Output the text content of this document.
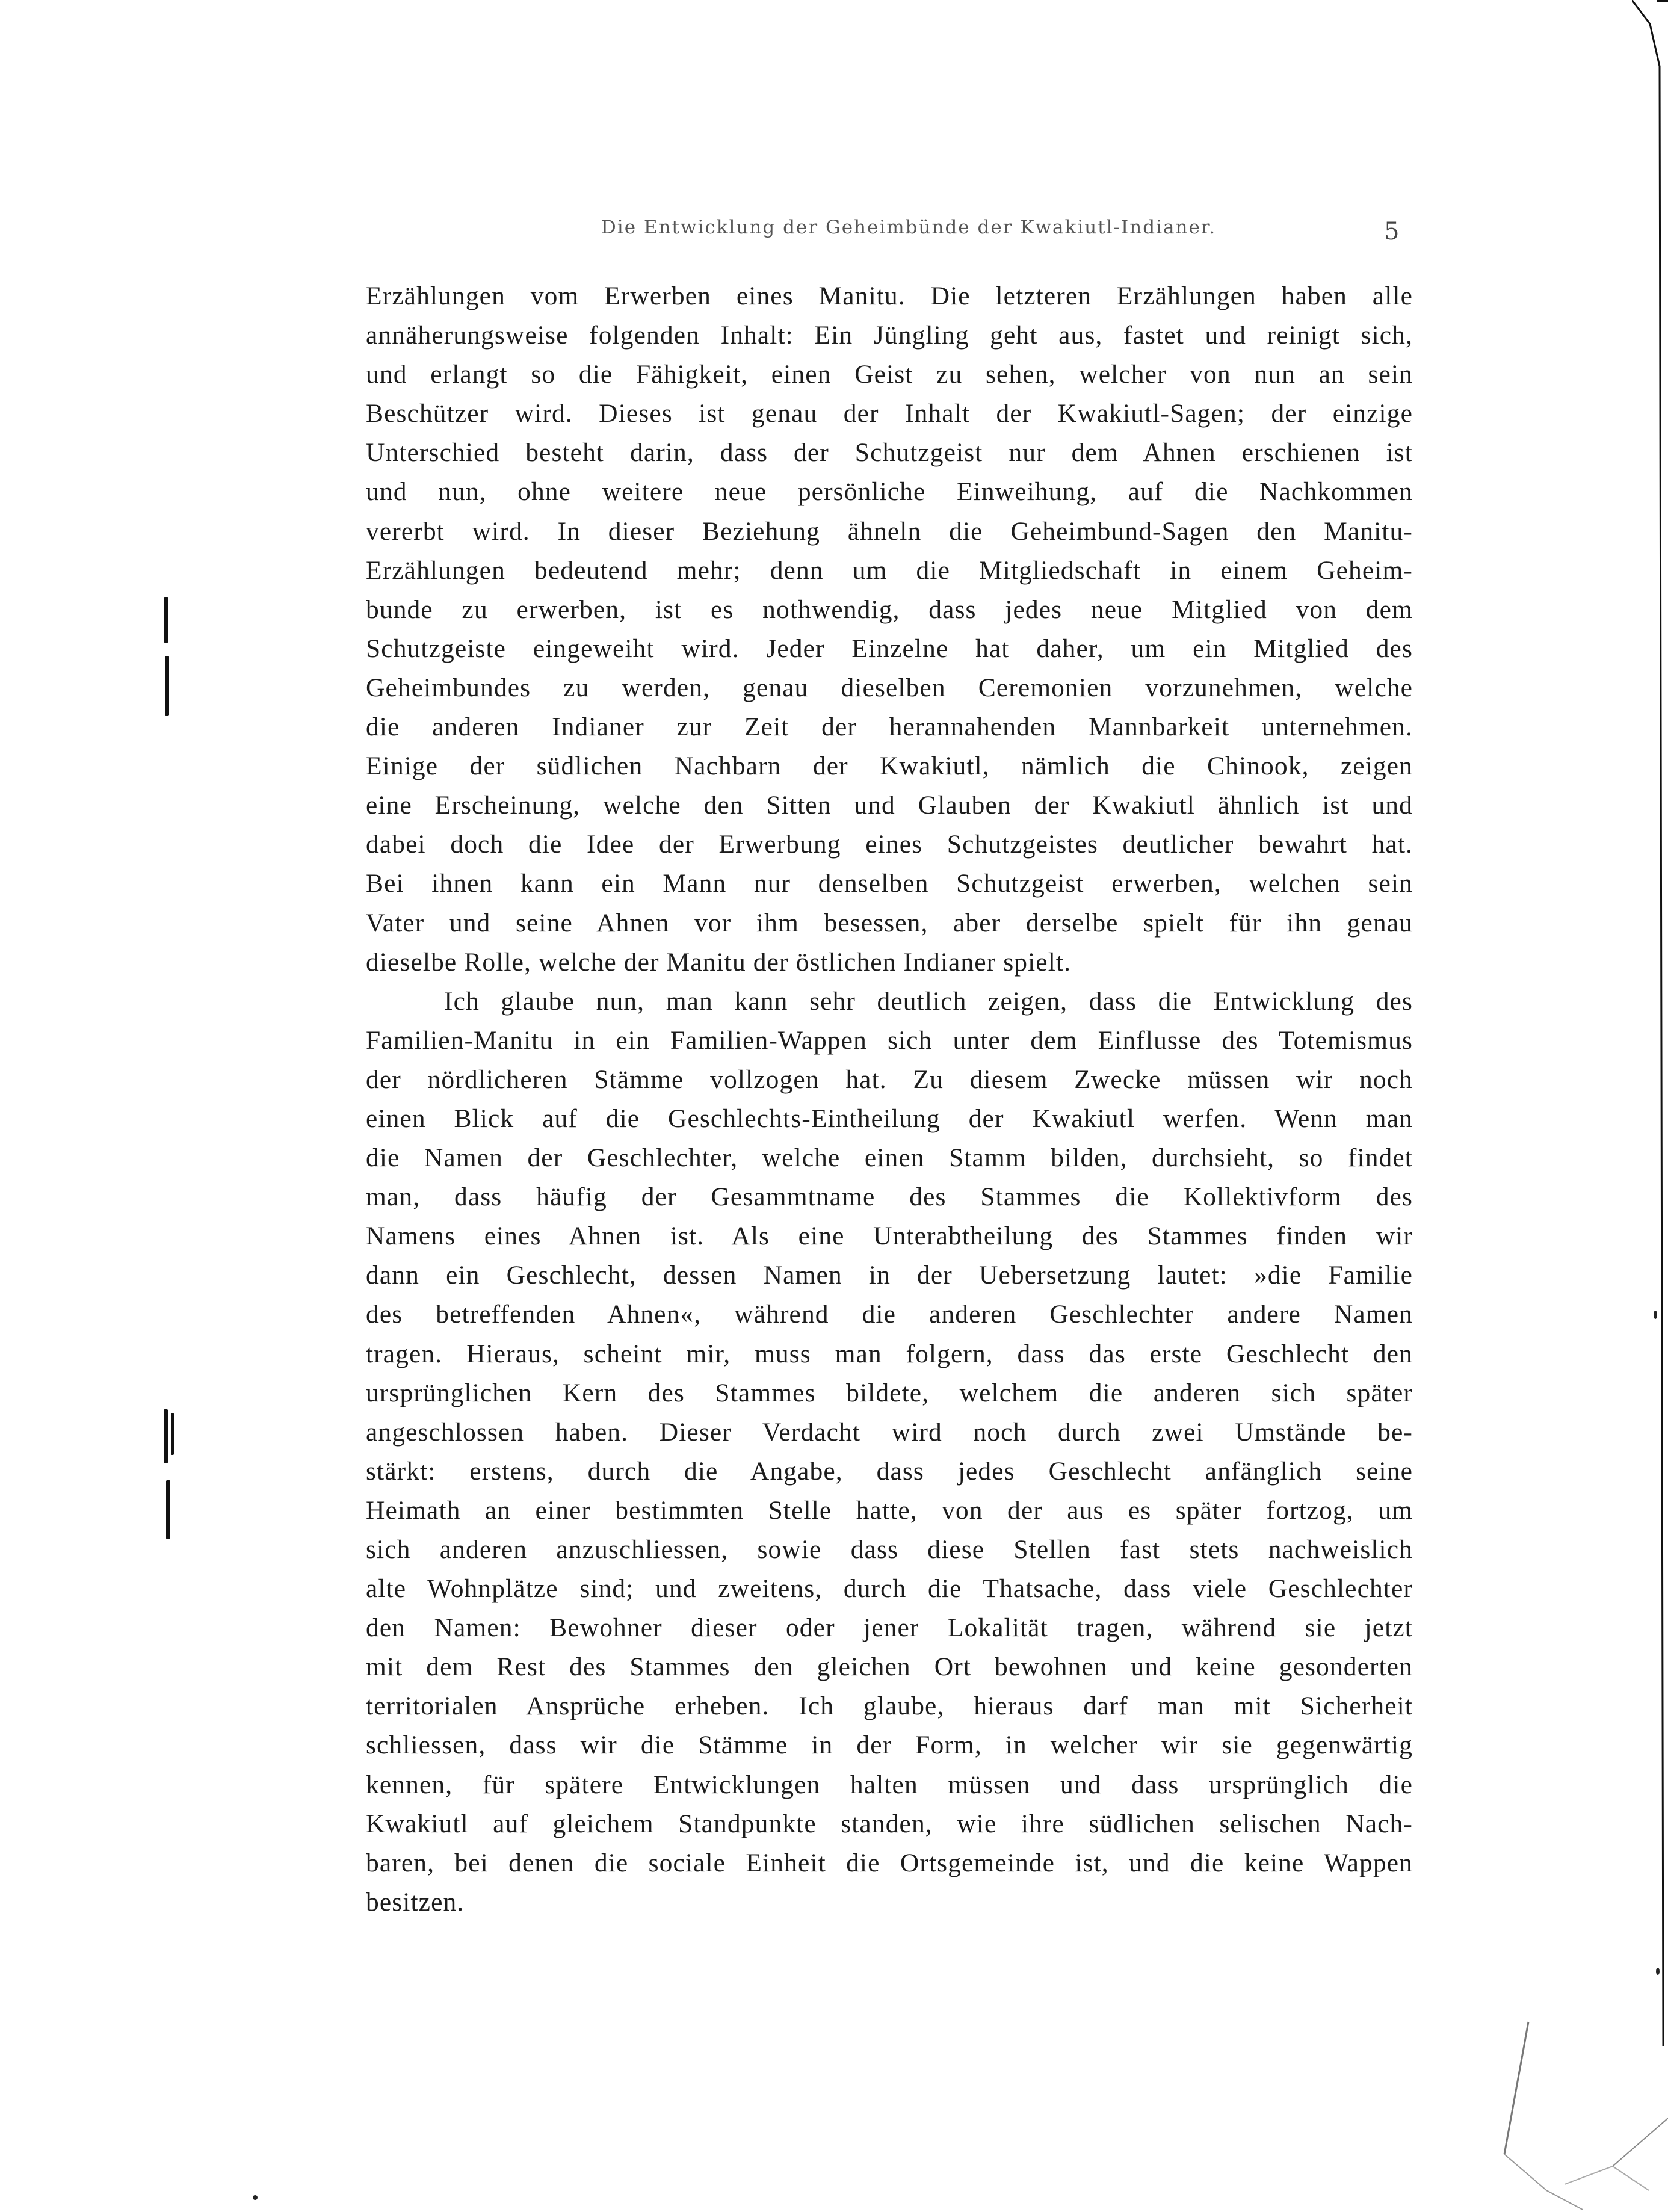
Die Entwicklung der Geheimbünde der Kwakiutl-Indianer.	5
Erzählungen vom Erwerben eines Manitu. Die letzteren Erzählungen haben alle
annäherungsweise folgenden Inhalt: Ein Jüngling geht aus, fastet und reinigt sich,
und erlangt so die Fähigkeit, einen Geist zu sehen, welcher von nun an sein
Beschützer wird. Dieses ist genau der Inhalt der Kwakiutl-Sagen; der einzige
Unterschied besteht darin, dass der Schutzgeist nur dem Ahnen erschienen ist
und nun, ohne weitere neue persönliche Einweihung, auf die Nachkommen
vererbt wird. In dieser Beziehung ähneln die Geheimbund-Sagen den Manitu-
Erzählungen bedeutend mehr; denn um die Mitgliedschaft in einem Geheim-
bunde zu erwerben, ist es nothwendig, dass jedes neue Mitglied von dem
Schutzgeiste eingeweiht wird. Jeder Einzelne hat daher, um ein Mitglied des
Geheimbundes zu werden, genau dieselben Ceremonien vorzunehmen, welche
die anderen Indianer zur Zeit der herannahenden Mannbarkeit unternehmen.
Einige der südlichen Nachbarn der Kwakiutl, nämlich die Chinook, zeigen
eine Erscheinung, welche den Sitten und Glauben der Kwakiutl ähnlich ist und
dabei doch die Idee der Erwerbung eines Schutzgeistes deutlicher bewahrt hat.
Bei ihnen kann ein Mann nur denselben Schutzgeist erwerben, welchen sein
Vater und seine Ahnen vor ihm besessen, aber derselbe spielt für ihn genau
dieselbe Rolle, welche der Manitu der östlichen Indianer spielt.
Ich glaube nun, man kann sehr deutlich zeigen, dass die Entwicklung des
Familien-Manitu in ein Familien-Wappen sich unter dem Einflusse des Totemismus
der nördlicheren Stämme vollzogen hat. Zu diesem Zwecke müssen wir noch
einen Blick auf die Geschlechts-Eintheilung der Kwakiutl werfen. Wenn man
die Namen der Geschlechter, welche einen Stamm bilden, durchsieht, so findet
man, dass häufig der Gesammtname des Stammes die Kollektivform des
Namens eines Ahnen ist. Als eine Unterabtheilung des Stammes finden wir
dann ein Geschlecht, dessen Namen in der Uebersetzung lautet: »die Familie
des betreffenden Ahnen«, während die anderen Geschlechter andere Namen
tragen. Hieraus, scheint mir, muss man folgern, dass das erste Geschlecht den
ursprünglichen Kern des Stammes bildete, welchem die anderen sich später
angeschlossen haben. Dieser Verdacht wird noch durch zwei Umstände be-
stärkt: erstens, durch die Angabe, dass jedes Geschlecht anfänglich seine
Heimath an einer bestimmten Stelle hatte, von der aus es später fortzog, um
sich anderen anzuschliessen, sowie dass diese Stellen fast stets nachweislich
alte Wohnplätze sind; und zweitens, durch die Thatsache, dass viele Geschlechter
den Namen: Bewohner dieser oder jener Lokalität tragen, während sie jetzt
mit dem Rest des Stammes den gleichen Ort bewohnen und keine gesonderten
territorialen Ansprüche erheben. Ich glaube, hieraus darf man mit Sicherheit
schliessen, dass wir die Stämme in der Form, in welcher wir sie gegenwärtig
kennen, für spätere Entwicklungen halten müssen und dass ursprünglich die
Kwakiutl auf gleichem Standpunkte standen, wie ihre südlichen selischen Nach-
baren, bei denen die sociale Einheit die Ortsgemeinde ist, und die keine Wappen
besitzen.
